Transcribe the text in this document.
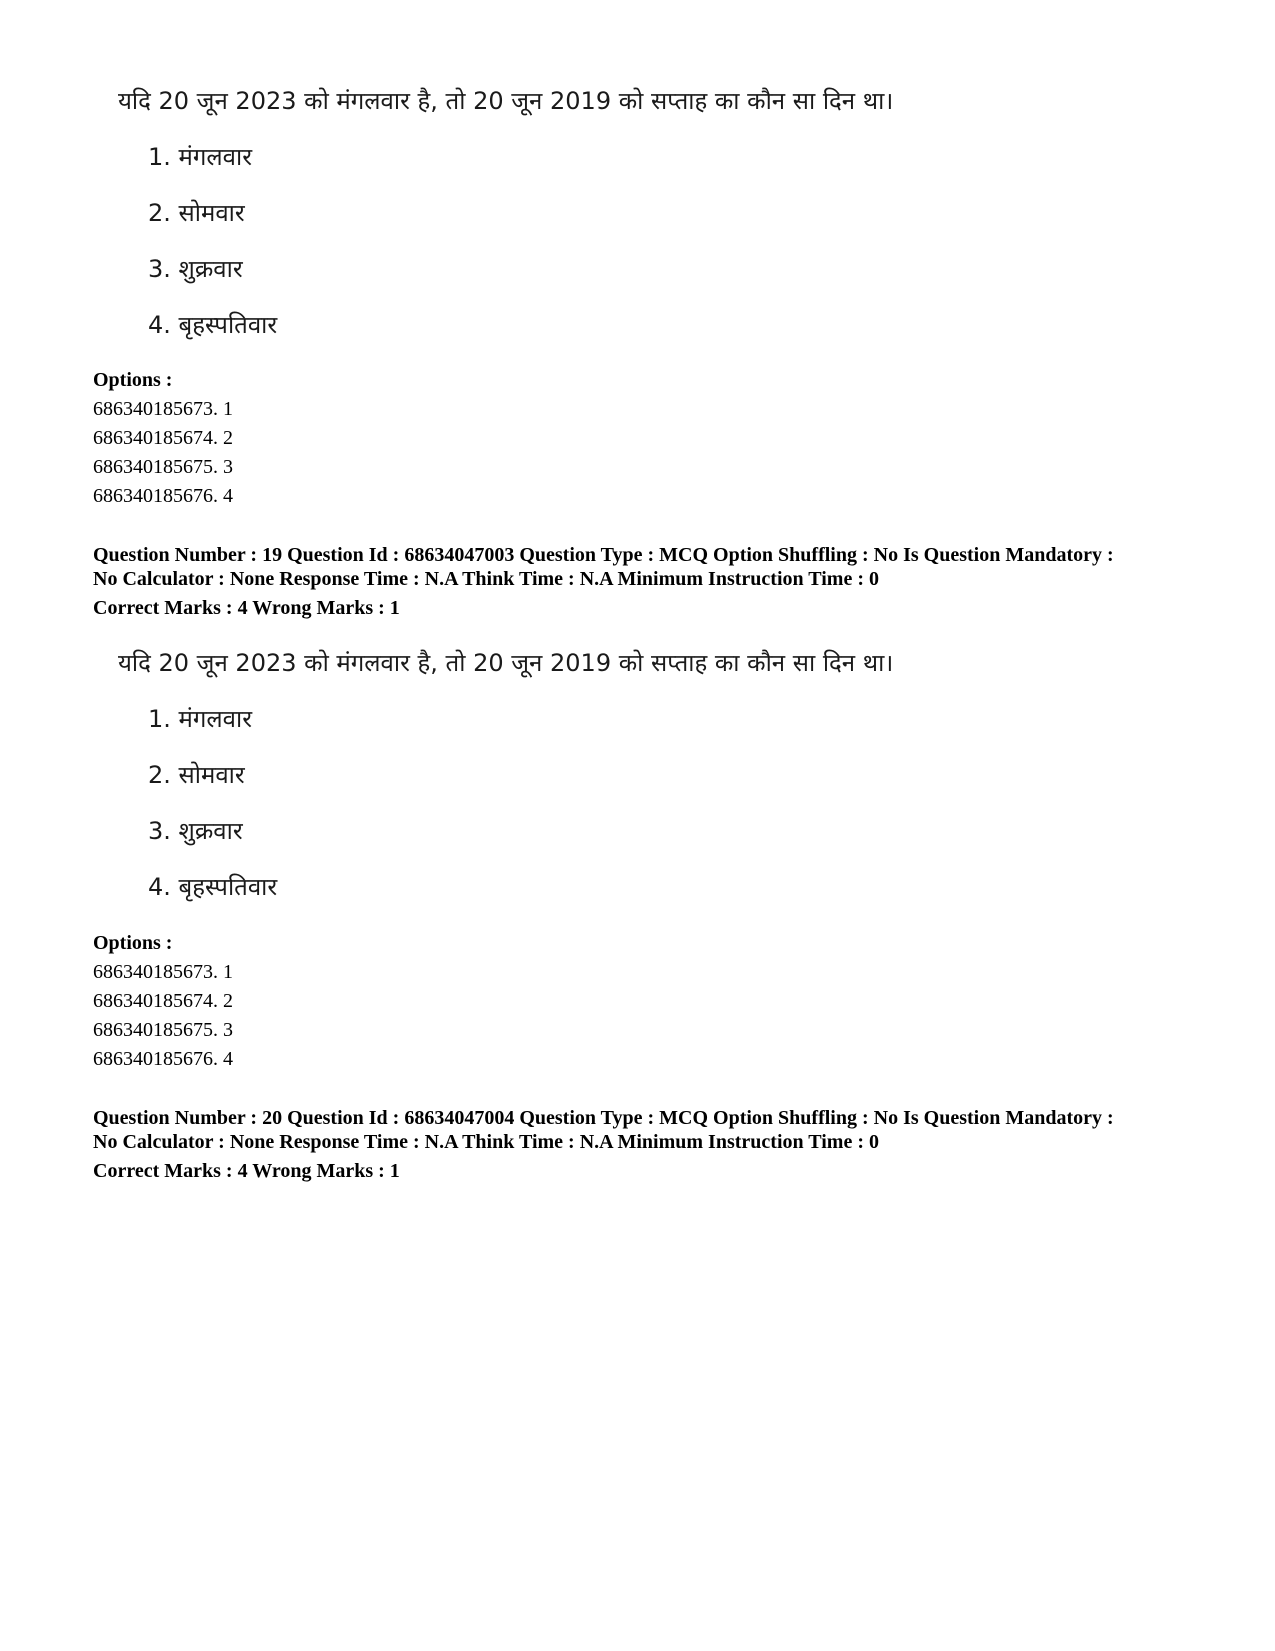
यदि 20 जून 2023 को मंगलवार है, तो 20 जून 2019 को सप्ताह का कौन सा दिन था।
1. मंगलवार
2. सोमवार
3. शुक्रवार
4. बृहस्पतिवार
Options :
686340185673. 1
686340185674. 2
686340185675. 3
686340185676. 4
Question Number : 19 Question Id : 68634047003 Question Type : MCQ Option Shuffling : No Is Question Mandatory :
No Calculator : None Response Time : N.A Think Time : N.A Minimum Instruction Time : 0
Correct Marks : 4 Wrong Marks : 1
यदि 20 जून 2023 को मंगलवार है, तो 20 जून 2019 को सप्ताह का कौन सा दिन था।
1. मंगलवार
2. सोमवार
3. शुक्रवार
4. बृहस्पतिवार
Options :
686340185673. 1
686340185674. 2
686340185675. 3
686340185676. 4
Question Number : 20 Question Id : 68634047004 Question Type : MCQ Option Shuffling : No Is Question Mandatory :
No Calculator : None Response Time : N.A Think Time : N.A Minimum Instruction Time : 0
Correct Marks : 4 Wrong Marks : 1
